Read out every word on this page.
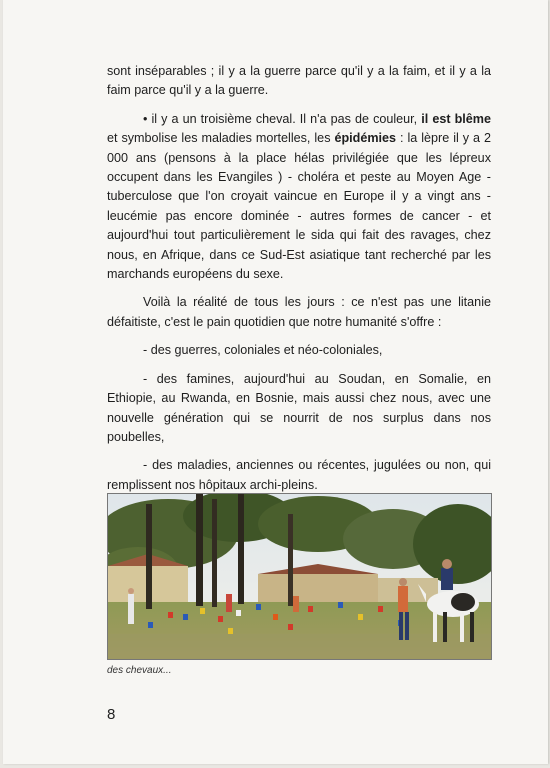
sont inséparables ; il y a la guerre parce qu'il y a la faim, et il y a la faim parce qu'il y a la guerre.

• il y a un troisième cheval. Il n'a pas de couleur, il est blême et symbolise les maladies mortelles, les épidémies : la lèpre il y a 2 000 ans (pensons à la place hélas privilégiée que les lépreux occupent dans les Evangiles ) - choléra et peste au Moyen Age - tuberculose que l'on croyait vaincue en Europe il y a vingt ans - leucémie pas encore dominée - autres formes de cancer - et aujourd'hui tout particulièrement le sida qui fait des ravages, chez nous, en Afrique, dans ce Sud-Est asiatique tant recherché par les marchands européens du sexe.

Voilà la réalité de tous les jours : ce n'est pas une litanie défaitiste, c'est le pain quotidien que notre humanité s'offre :

- des guerres, coloniales et néo-coloniales,

- des famines, aujourd'hui au Soudan, en Somalie, en Ethiopie, au Rwanda, en Bosnie, mais aussi chez nous, avec une nouvelle génération qui se nourrit de nos surplus dans nos poubelles,

- des maladies, anciennes ou récentes, jugulées ou non, qui remplissent nos hôpitaux archi-pleins.

des chevaux...
8
